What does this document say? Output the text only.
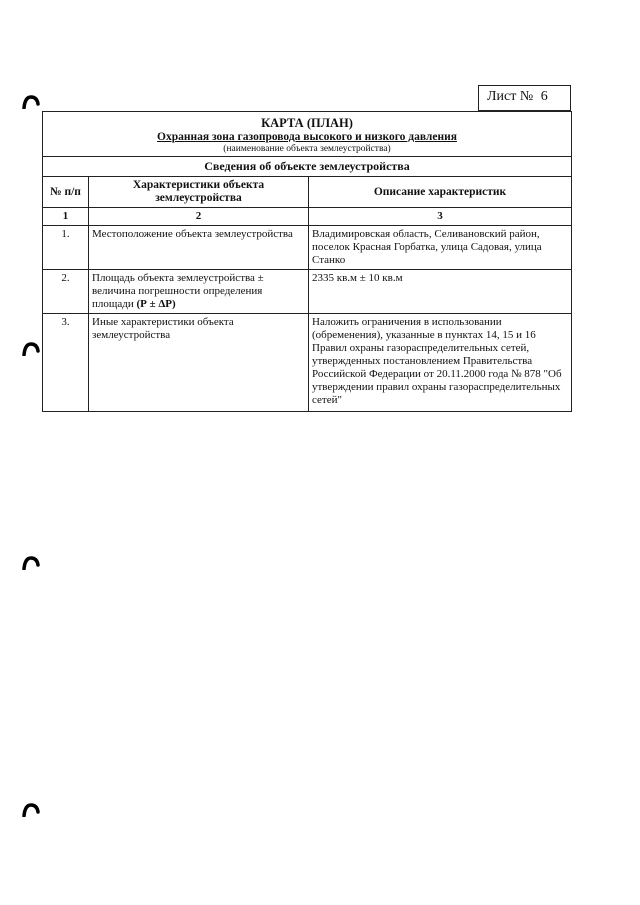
Лист № 6
КАРТА (ПЛАН)
Охранная зона газопровода высокого и низкого давления
(наименование объекта землеустройства)		

Сведения об объекте землеустройства		
№ п/п	Характеристики объекта землеустройства	Описание характеристик
1	2	3
1.	Местоположение объекта землеустройства	Владимировская область, Селивановский район, поселок Красная Горбатка, улица Садовая, улица Станко
2.	Площадь объекта землеустройства ± величина погрешности определения площади (Р ± ΔР)	2335 кв.м ± 10 кв.м
3.	Иные характеристики объекта землеустройства	Наложить ограничения в использовании (обременения), указанные в пунктах 14, 15 и 16 Правил охраны газораспределительных сетей, утвержденных постановлением Правительства Российской Федерации от 20.11.2000 года № 878 "Об утверждении правил охраны газораспределительных сетей"
